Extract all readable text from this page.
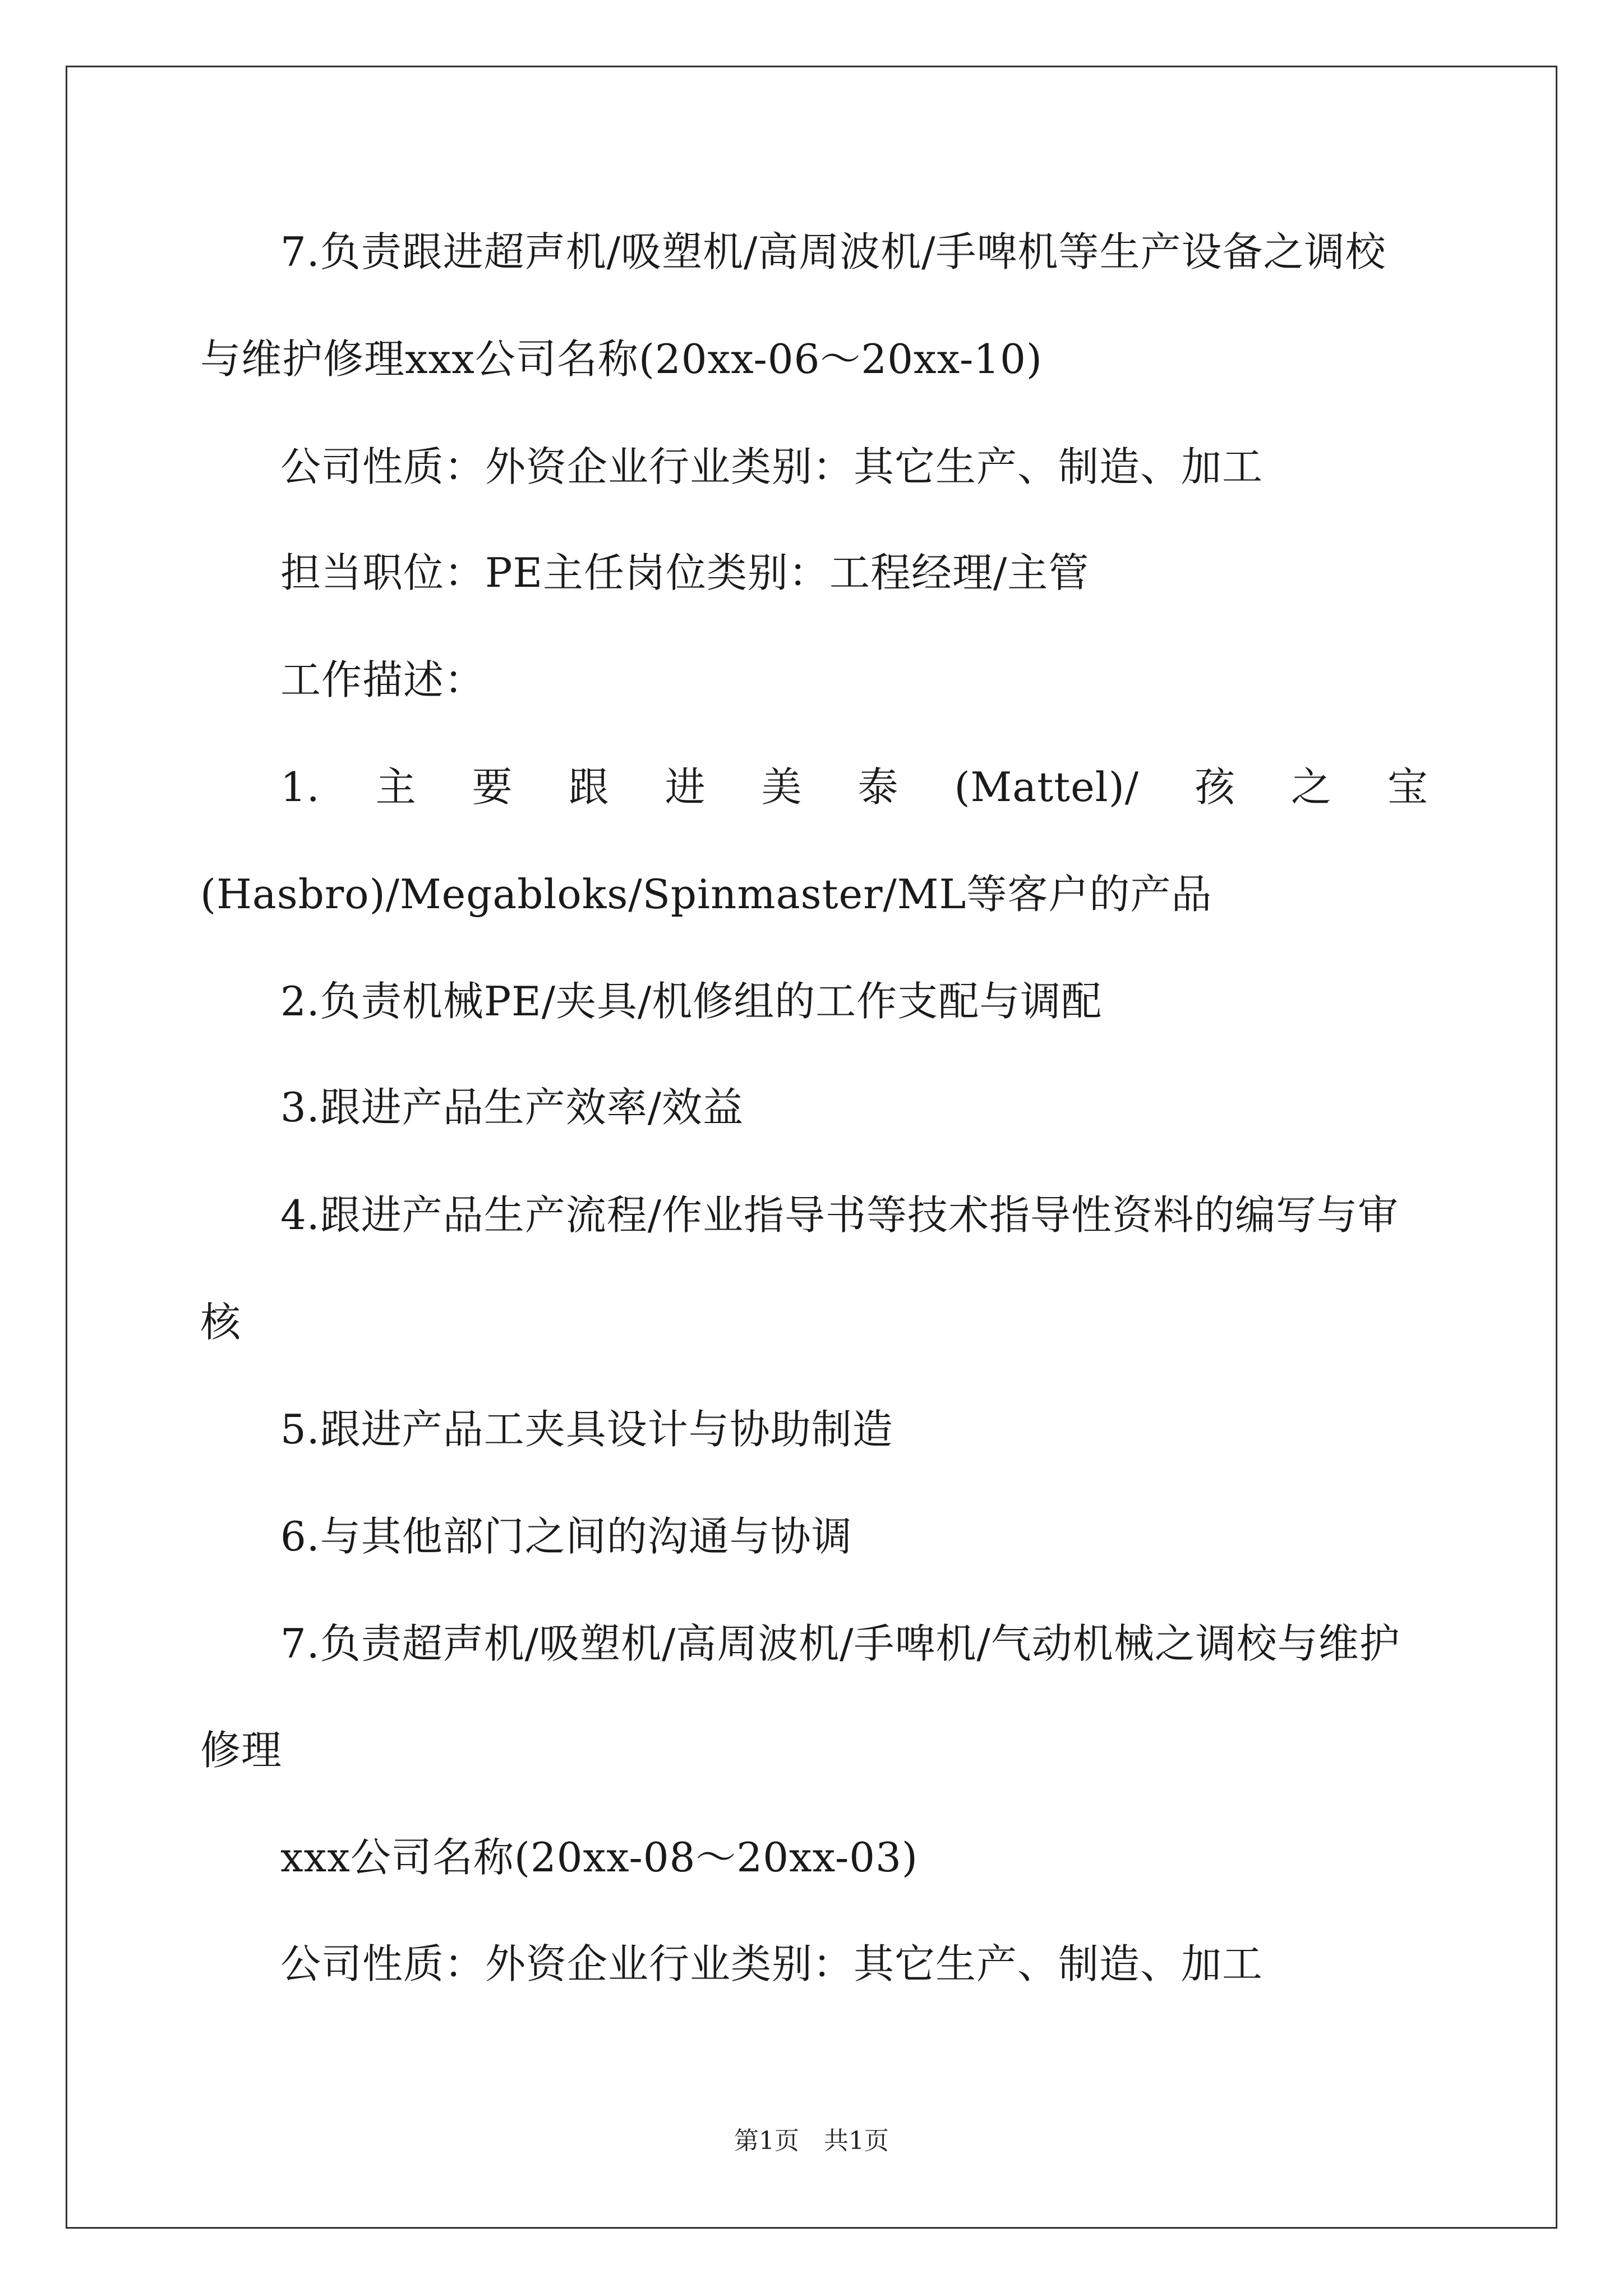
7.负责跟进超声机/吸塑机/高周波机/手啤机等生产设备之调校
与维护修理xxx公司名称(20xx-06～20xx-10)
公司性质：外资企业行业类别：其它生产、制造、加工
担当职位：PE主任岗位类别：工程经理/主管
工作描述：
1. 主 要 跟 进 美 泰 (Mattel)/ 孩 之 宝
(Hasbro)/Megabloks/Spinmaster/ML等客户的产品
2.负责机械PE/夹具/机修组的工作支配与调配
3.跟进产品生产效率/效益
4.跟进产品生产流程/作业指导书等技术指导性资料的编写与审
核
5.跟进产品工夹具设计与协助制造
6.与其他部门之间的沟通与协调
7.负责超声机/吸塑机/高周波机/手啤机/气动机械之调校与维护
修理
xxx公司名称(20xx-08～20xx-03)
公司性质：外资企业行业类别：其它生产、制造、加工
第1页　共1页
